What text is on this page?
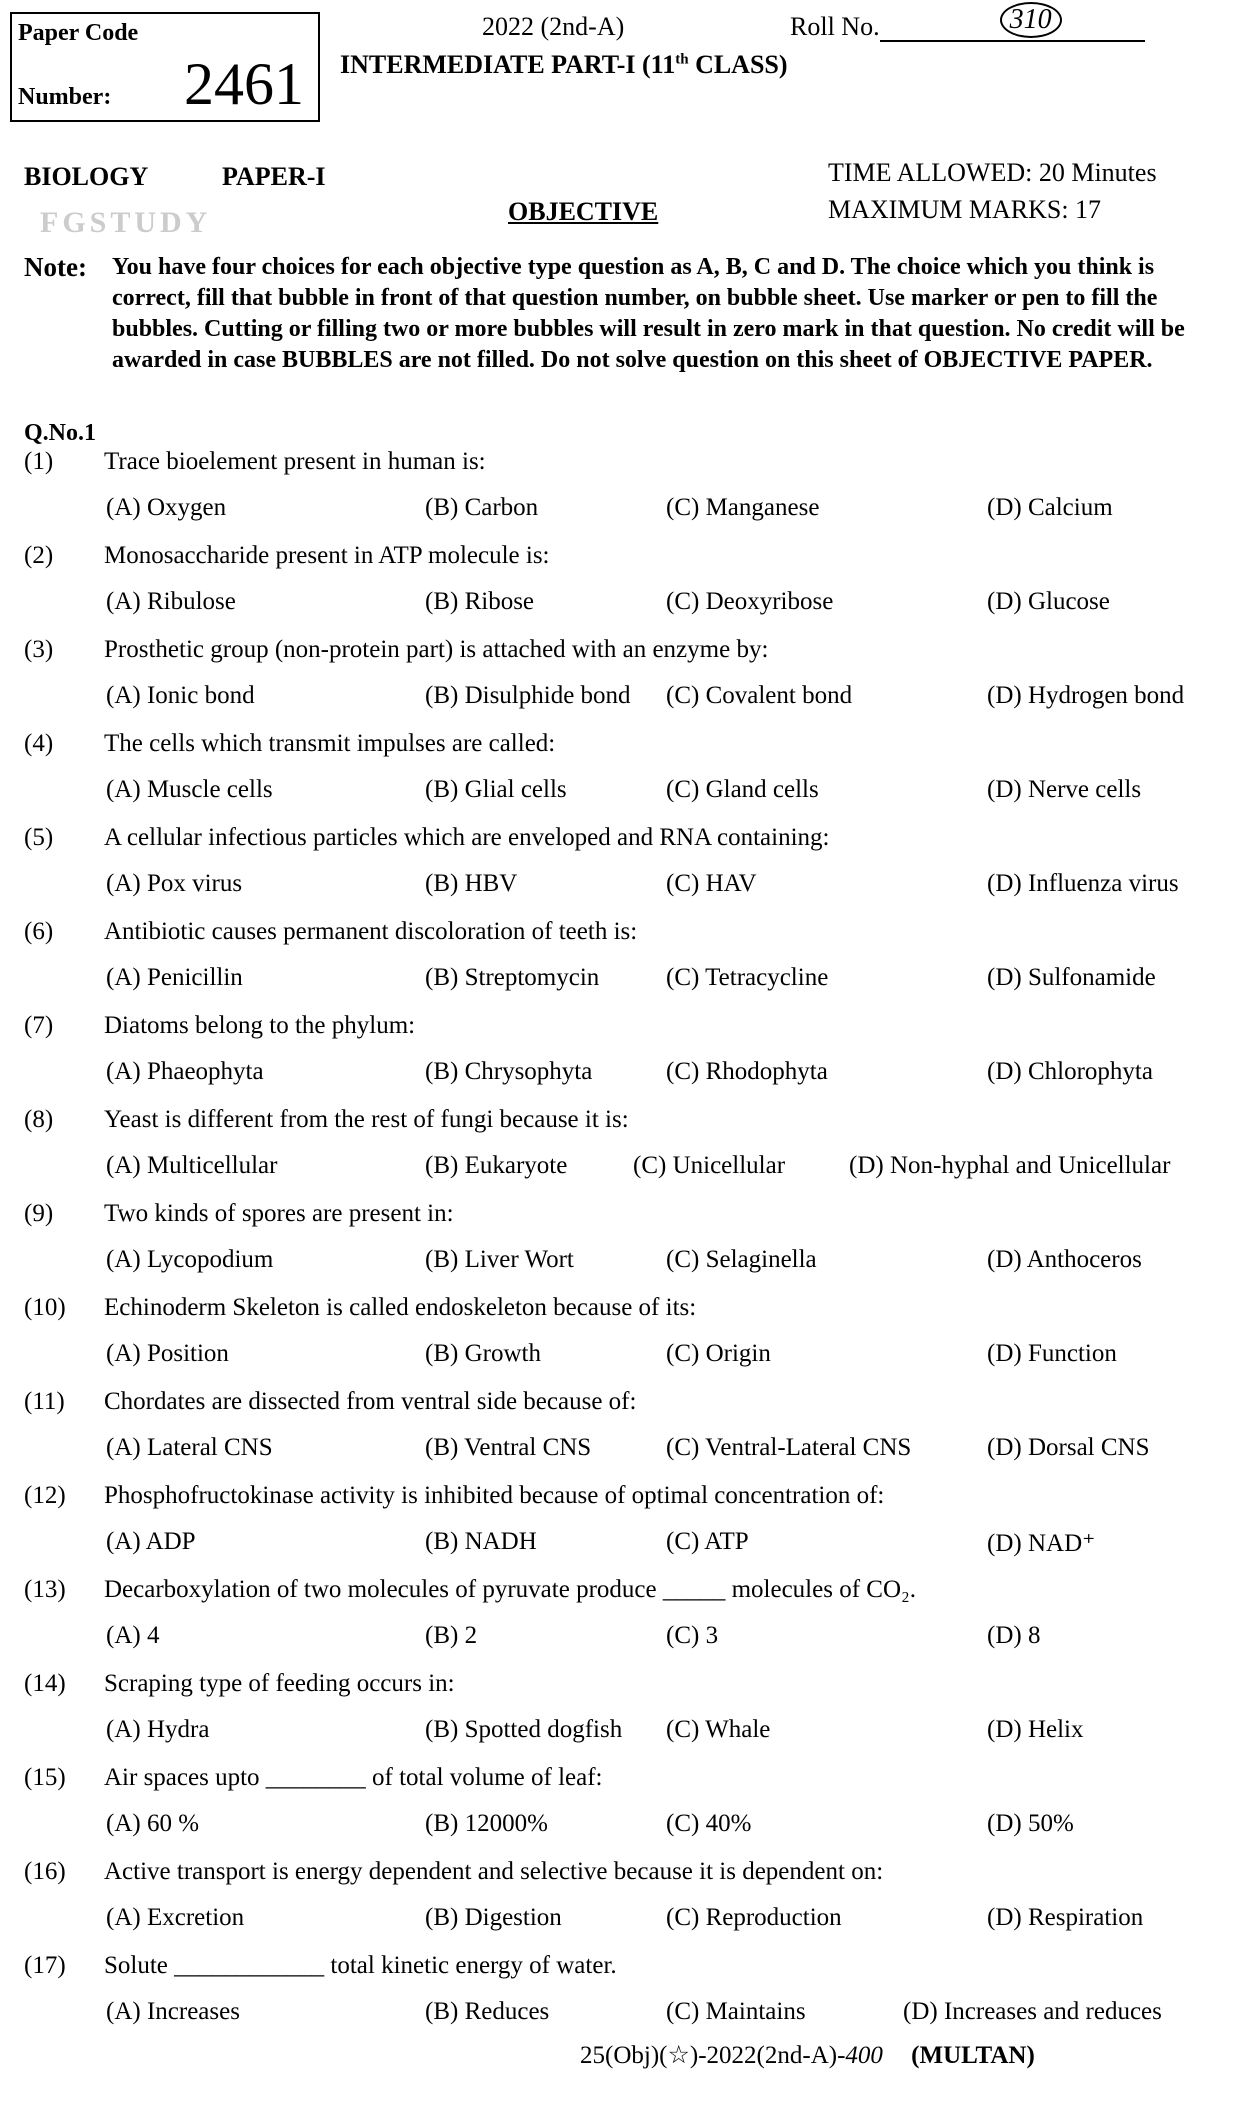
FGSTUDY
Paper Code
Number: 2461
2022 (2nd-A)	Roll No.	310
INTERMEDIATE PART-I (11th CLASS)
BIOLOGY	PAPER-I
OBJECTIVE
TIME ALLOWED: 20 Minutes
MAXIMUM MARKS: 17
Note: You have four choices for each objective type question as A, B, C and D. The choice which you think is correct, fill that bubble in front of that question number, on bubble sheet. Use marker or pen to fill the bubbles. Cutting or filling two or more bubbles will result in zero mark in that question. No credit will be awarded in case BUBBLES are not filled. Do not solve question on this sheet of OBJECTIVE PAPER.
Q.No.1
(1) Trace bioelement present in human is:
(A) Oxygen	(B) Carbon	(C) Manganese	(D) Calcium
(2) Monosaccharide present in ATP molecule is:
(A) Ribulose	(B) Ribose	(C) Deoxyribose	(D) Glucose
(3) Prosthetic group (non-protein part) is attached with an enzyme by:
(A) Ionic bond	(B) Disulphide bond (C) Covalent bond	(D) Hydrogen bond
(4) The cells which transmit impulses are called:
(A) Muscle cells	(B) Glial cells	(C) Gland cells	(D) Nerve cells
(5) A cellular infectious particles which are enveloped and RNA containing:
(A) Pox virus	(B) HBV	(C) HAV	(D) Influenza virus
(6) Antibiotic causes permanent discoloration of teeth is:
(A) Penicillin	(B) Streptomycin	(C) Tetracycline	(D) Sulfonamide
(7) Diatoms belong to the phylum:
(A) Phaeophyta	(B) Chrysophyta	(C) Rhodophyta	(D) Chlorophyta
(8) Yeast is different from the rest of fungi because it is:
(A) Multicellular	(B) Eukaryote	(C) Unicellular	(D) Non-hyphal and Unicellular
(9) Two kinds of spores are present in:
(A) Lycopodium	(B) Liver Wort	(C) Selaginella	(D) Anthoceros
(10) Echinoderm Skeleton is called endoskeleton because of its:
(A) Position	(B) Growth	(C) Origin	(D) Function
(11) Chordates are dissected from ventral side because of:
(A) Lateral CNS	(B) Ventral CNS	(C) Ventral-Lateral CNS	(D) Dorsal CNS
(12) Phosphofructokinase activity is inhibited because of optimal concentration of:
(A) ADP	(B) NADH	(C) ATP	(D) NAD⁺
(13) Decarboxylation of two molecules of pyruvate produce _____ molecules of CO₂.
(A) 4	(B) 2	(C) 3	(D) 8
(14) Scraping type of feeding occurs in:
(A) Hydra	(B) Spotted dogfish (C) Whale	(D) Helix
(15) Air spaces upto ________ of total volume of leaf:
(A) 60 %	(B) 12000%	(C) 40%	(D) 50%
(16) Active transport is energy dependent and selective because it is dependent on:
(A) Excretion	(B) Digestion	(C) Reproduction	(D) Respiration
(17) Solute ____________ total kinetic energy of water.
(A) Increases	(B) Reduces	(C) Maintains	(D) Increases and reduces
25(Obj)(☆)-2022(2nd-A)-400 (MULTAN)
